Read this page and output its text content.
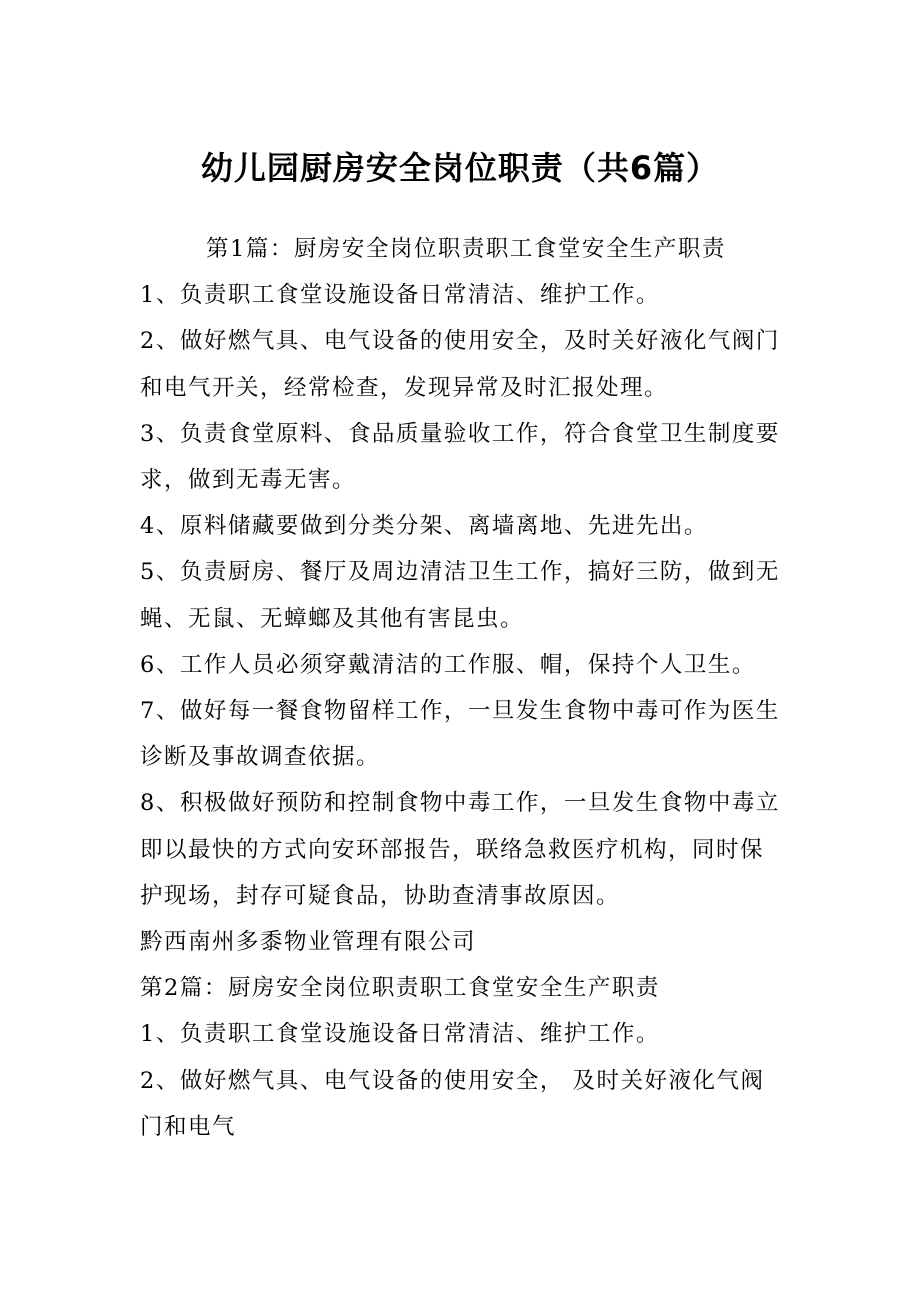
幼儿园厨房安全岗位职责（共6篇）

第1篇：厨房安全岗位职责职工食堂安全生产职责

1、负责职工食堂设施设备日常清洁、维护工作。

2、做好燃气具、电气设备的使用安全，及时关好液化气阀门和电气开关，经常检查，发现异常及时汇报处理。

3、负责食堂原料、食品质量验收工作，符合食堂卫生制度要求，做到无毒无害。

4、原料储藏要做到分类分架、离墙离地、先进先出。

5、负责厨房、餐厅及周边清洁卫生工作，搞好三防，做到无蝇、无鼠、无蟑螂及其他有害昆虫。

6、工作人员必须穿戴清洁的工作服、帽，保持个人卫生。

7、做好每一餐食物留样工作，一旦发生食物中毒可作为医生诊断及事故调查依据。

8、积极做好预防和控制食物中毒工作，一旦发生食物中毒立即以最快的方式向安环部报告，联络急救医疗机构，同时保护现场，封存可疑食品，协助查清事故原因。

黔西南州多黍物业管理有限公司

第2篇：厨房安全岗位职责职工食堂安全生产职责

1、负责职工食堂设施设备日常清洁、维护工作。

2、做好燃气具、电气设备的使用安全， 及时关好液化气阀门和电气
